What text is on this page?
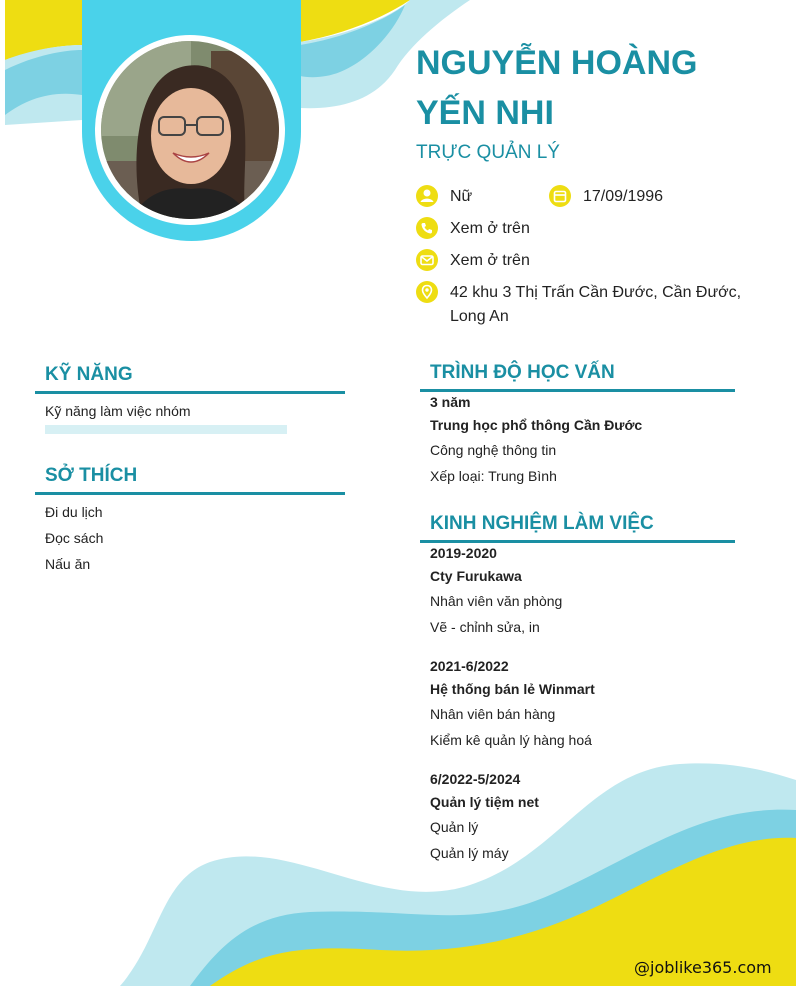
NGUYỄN HOÀNG YẾN NHI
TRỰC QUẢN LÝ
Nữ	17/09/1996
Xem ở trên
Xem ở trên
42 khu 3 Thị Trấn Cần Đước, Cần Đước,
Long An
KỸ NĂNG
Kỹ năng làm việc nhóm
SỞ THÍCH
Đi du lịch
Đọc sách
Nấu ăn
TRÌNH ĐỘ HỌC VẤN
3 năm
Trung học phổ thông Cần Đước
Công nghệ thông tin
Xếp loại: Trung Bình
KINH NGHIỆM LÀM VIỆC
2019-2020
Cty Furukawa
Nhân viên văn phòng
Vẽ - chỉnh sửa, in
2021-6/2022
Hệ thống bán lẻ Winmart
Nhân viên bán hàng
Kiểm kê quản lý hàng hoá
6/2022-5/2024
Quản lý tiệm net
Quản lý
Quản lý máy
@joblike365.com
